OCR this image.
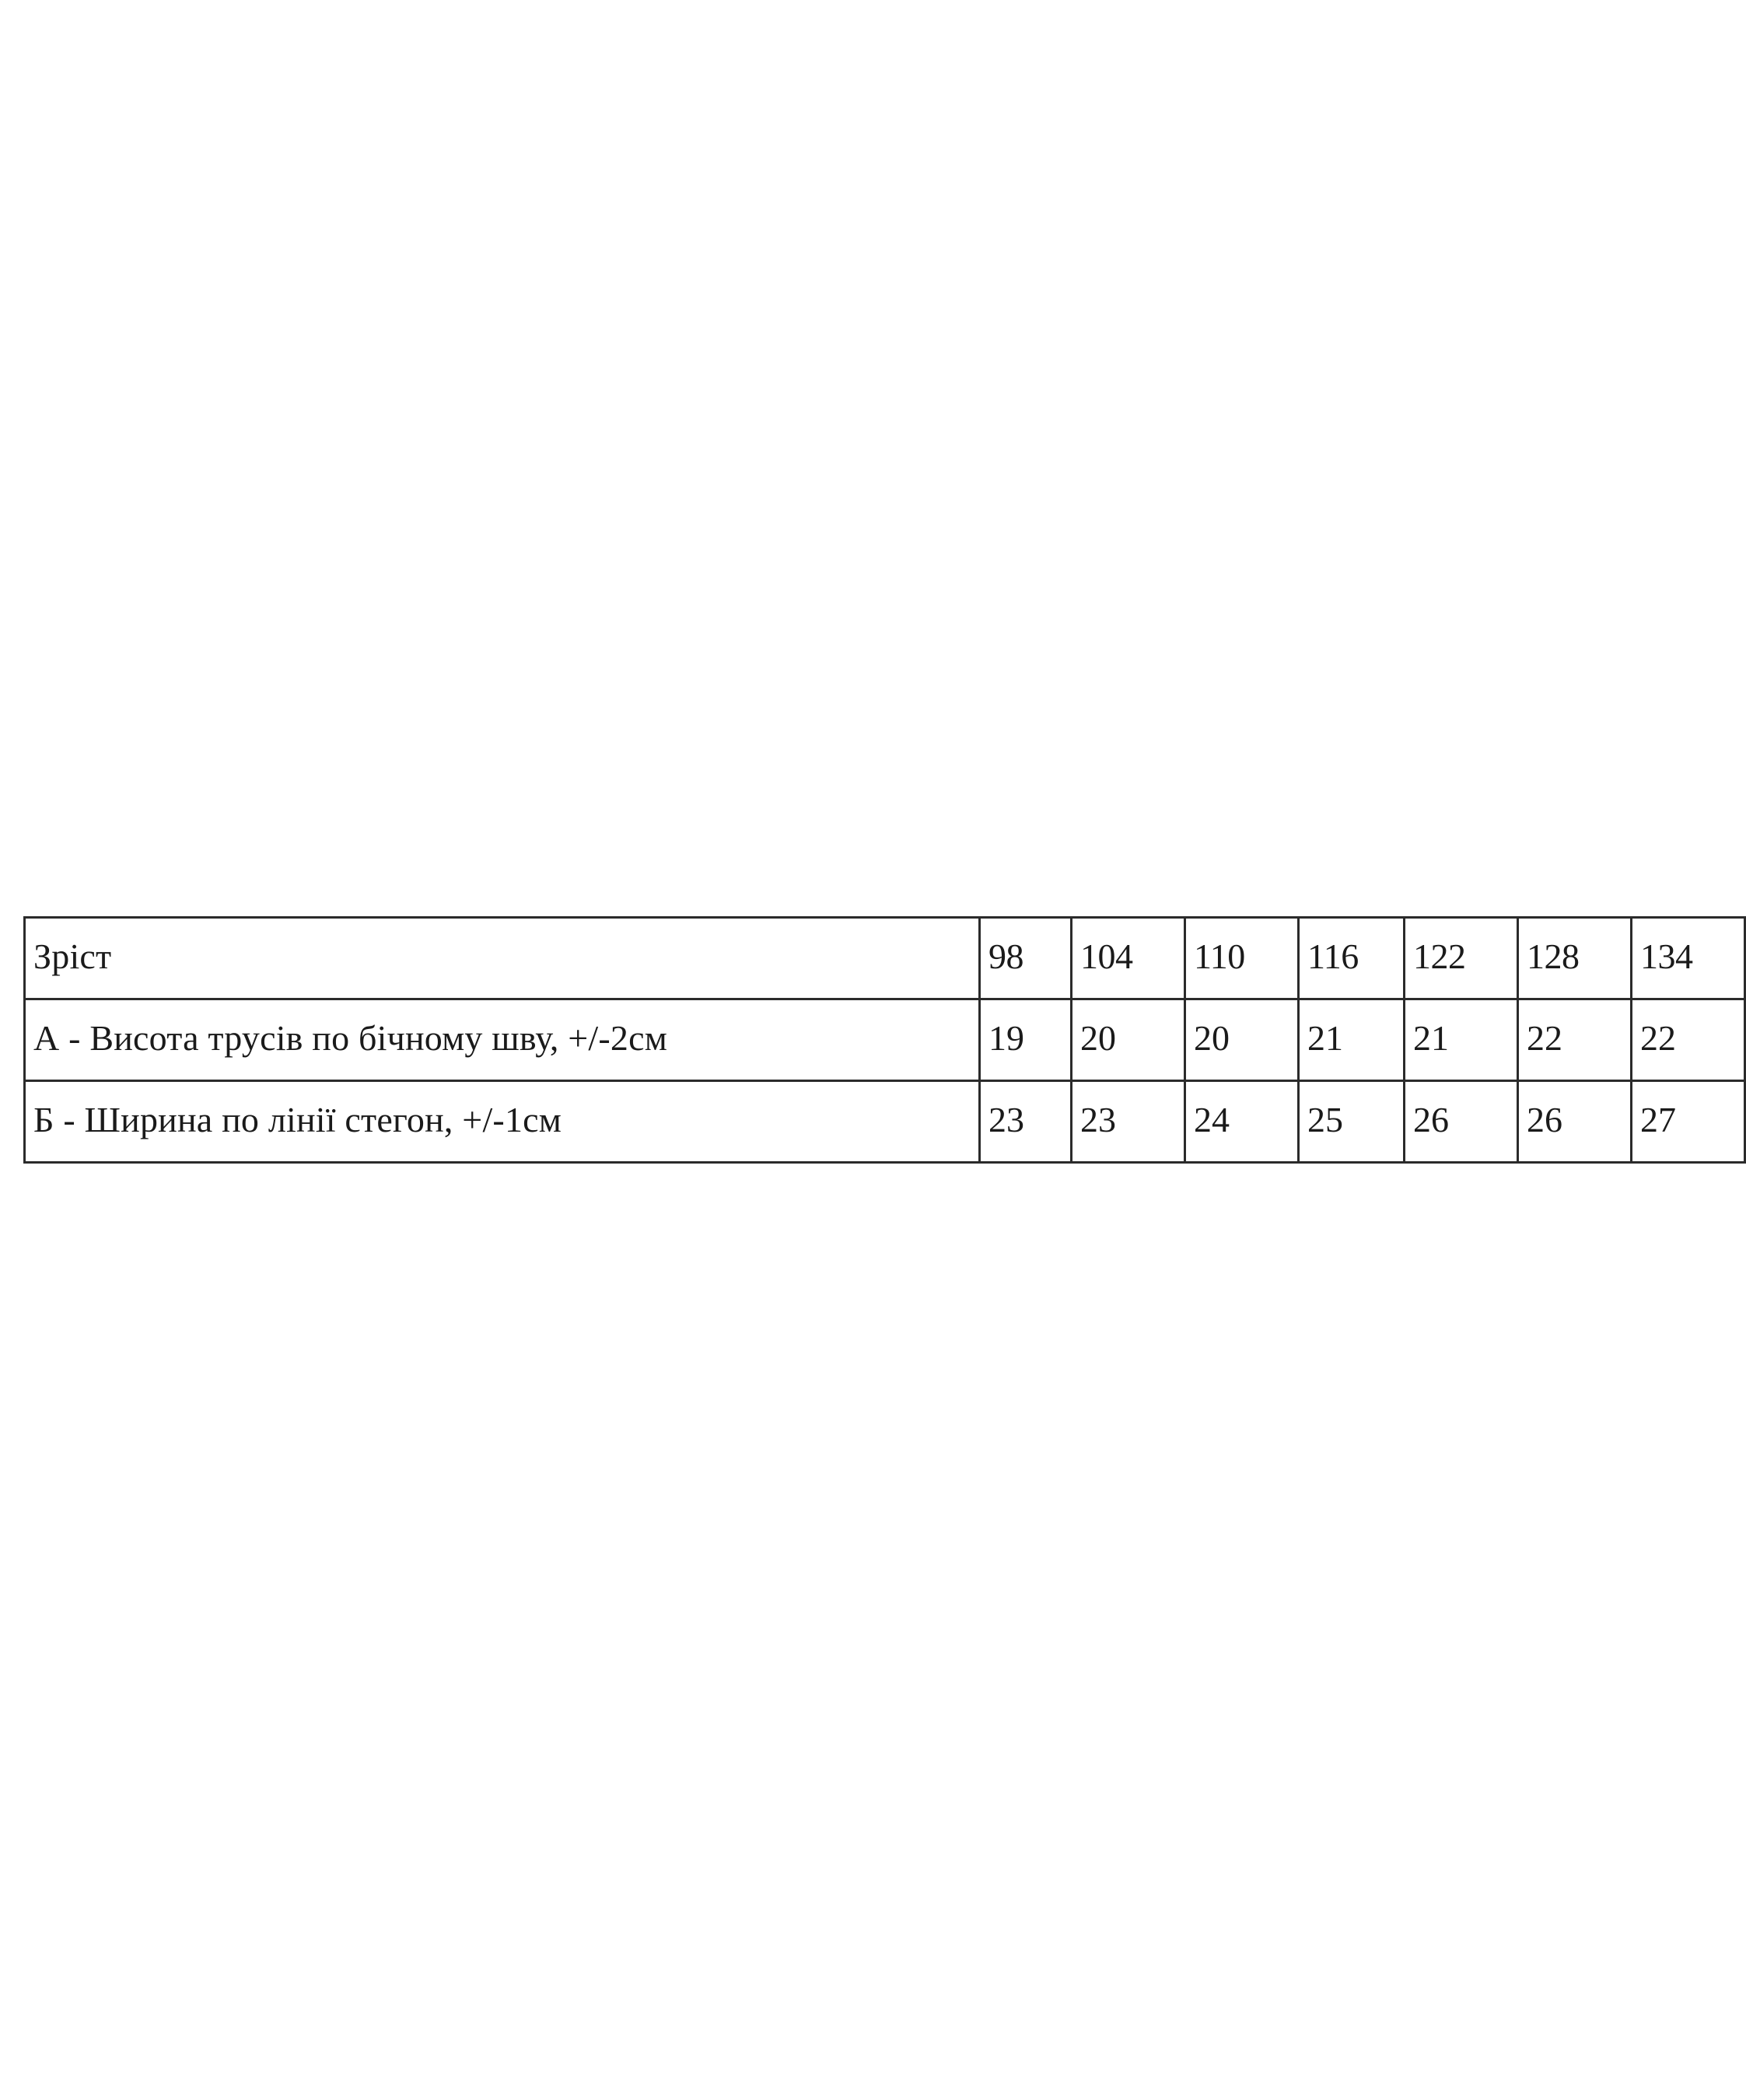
Зріст	98	104	110	116	122	128	134
А - Висота трусів по бічному шву, +/-2см	19	20	20	21	21	22	22
Б - Ширина по лінії стегон, +/-1см	23	23	24	25	26	26	27
